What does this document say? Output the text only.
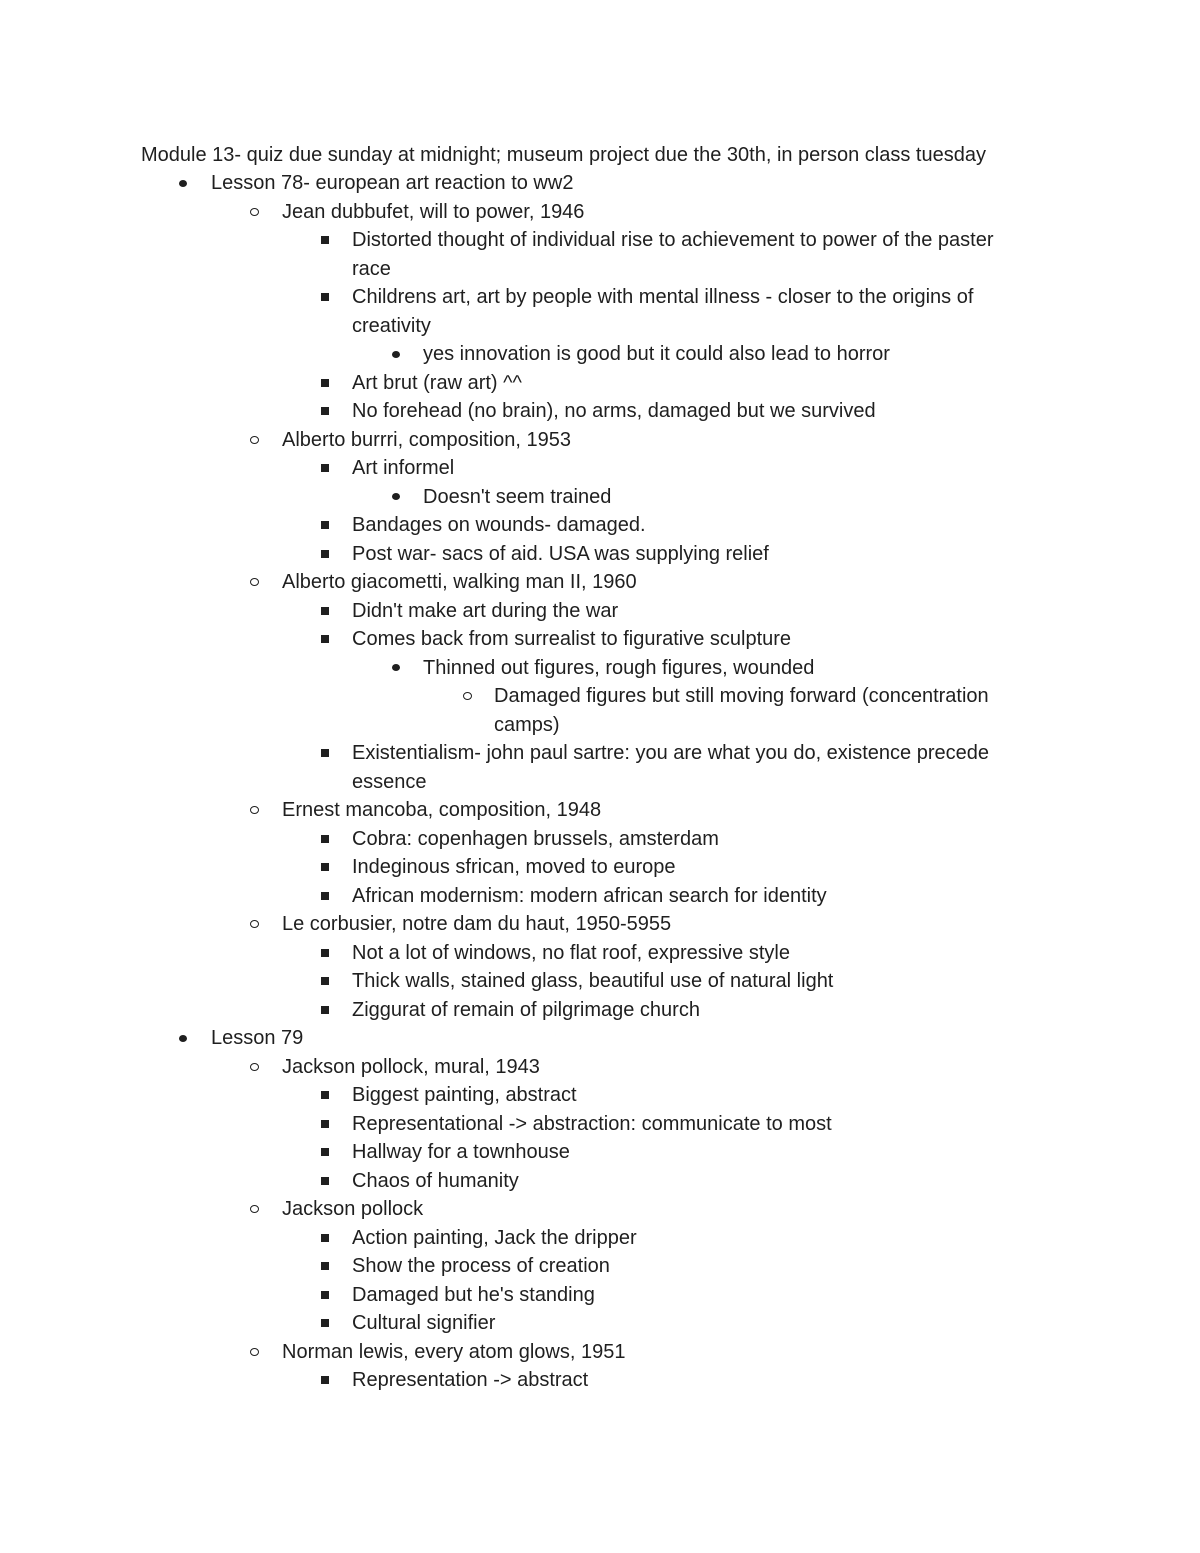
Module 13- quiz due sunday at midnight; museum project due the 30th, in person class tuesday
Lesson 78- european art reaction to ww2
Jean dubbufet, will to power, 1946
Distorted thought of individual rise to achievement to power of the paster
race
Childrens art, art by people with mental illness - closer to the origins of
creativity
yes innovation is good but it could also lead to horror
Art brut (raw art) ^^
No forehead (no brain), no arms, damaged but we survived
Alberto burrri, composition, 1953
Art informel
Doesn't seem trained
Bandages on wounds- damaged.
Post war- sacs of aid. USA was supplying relief
Alberto giacometti, walking man II, 1960
Didn't make art during the war
Comes back from surrealist to figurative sculpture
Thinned out figures, rough figures, wounded
Damaged figures but still moving forward (concentration
camps)
Existentialism- john paul sartre: you are what you do, existence precede
essence
Ernest mancoba, composition, 1948
Cobra: copenhagen brussels, amsterdam
Indeginous sfrican, moved to europe
African modernism: modern african search for identity
Le corbusier, notre dam du haut, 1950-5955
Not a lot of windows, no flat roof, expressive style
Thick walls, stained glass, beautiful use of natural light
Ziggurat of remain of pilgrimage church
Lesson 79
Jackson pollock, mural, 1943
Biggest painting, abstract
Representational -> abstraction: communicate to most
Hallway for a townhouse
Chaos of humanity
Jackson pollock
Action painting, Jack the dripper
Show the process of creation
Damaged but he's standing
Cultural signifier
Norman lewis, every atom glows, 1951
Representation -> abstract
